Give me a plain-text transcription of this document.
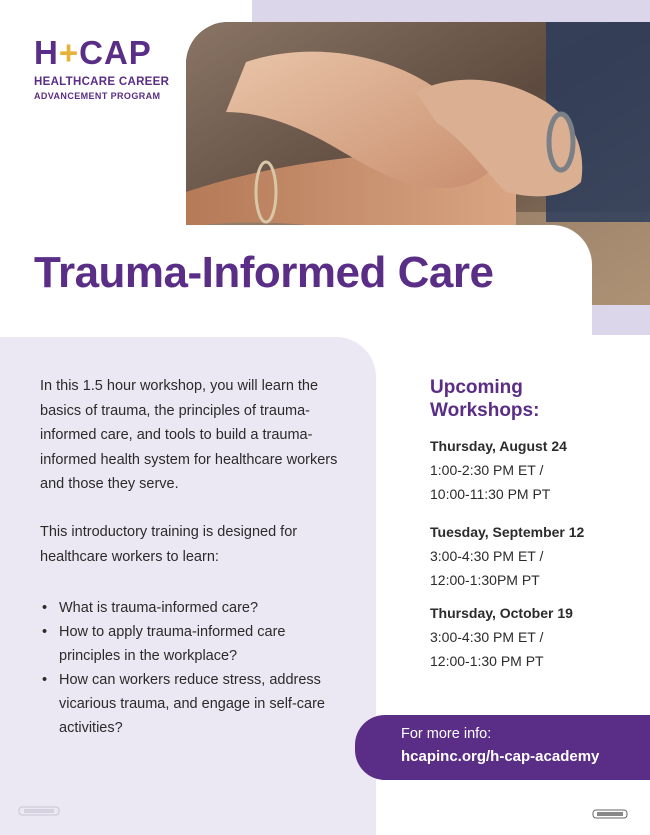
H+CAP
HEALTHCARE CAREER
ADVANCEMENT PROGRAM
Trauma-Informed Care
In this 1.5 hour workshop, you will learn the basics of trauma, the principles of trauma-informed care, and tools to build a trauma-informed health system for healthcare workers and those they serve.
This introductory training is designed for healthcare workers to learn:
• What is trauma-informed care?
• How to apply trauma-informed care principles in the workplace?
• How can workers reduce stress, address vicarious trauma, and engage in self-care activities?
Upcoming Workshops:
Thursday, August 24
1:00-2:30 PM ET /
10:00-11:30 PM PT
Tuesday, September 12
3:00-4:30 PM ET /
12:00-1:30PM PT
Thursday, October 19
3:00-4:30 PM ET /
12:00-1:30 PM PT
For more info:
hcapinc.org/h-cap-academy
